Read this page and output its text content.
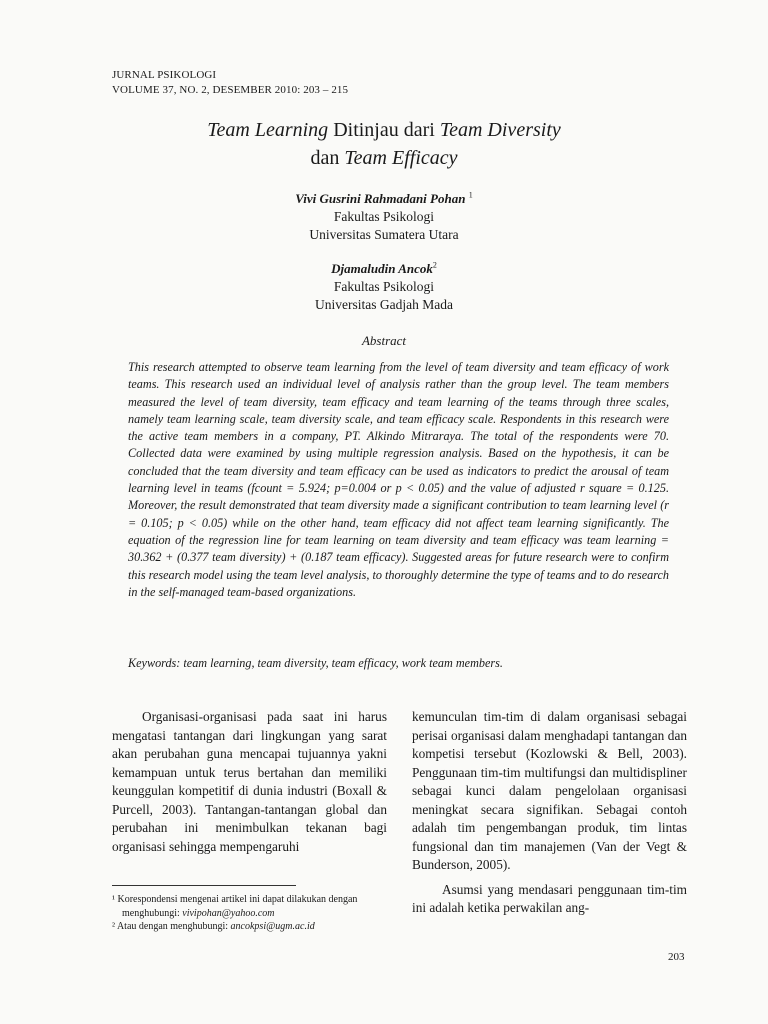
JURNAL PSIKOLOGI
VOLUME 37, NO. 2, DESEMBER 2010: 203 – 215
Team Learning Ditinjau dari Team Diversity
dan Team Efficacy
Vivi Gusrini Rahmadani Pohan $^1$
Fakultas Psikologi
Universitas Sumatera Utara
Djamaludin Ancok$^2$
Fakultas Psikologi
Universitas Gadjah Mada
Abstract

This research attempted to observe team learning from the level of team diversity and team efficacy of work teams. This research used an individual level of analysis rather than the group level. The team members measured the level of team diversity, team efficacy and team learning of the teams through three scales, namely team learning scale, team diversity scale, and team efficacy scale. Respondents in this research were the active team members in a company, PT. Alkindo Mitraraya. The total of the respondents were 70. Collected data were examined by using multiple regression analysis. Based on the hypothesis, it can be concluded that the team diversity and team efficacy can be used as indicators to predict the arousal of team learning level in teams (fcount = 5.924; p=0.004 or p < 0.05) and the value of adjusted r square = 0.125. Moreover, the result demonstrated that team diversity made a significant contribution to team learning level (r = 0.105; p < 0.05) while on the other hand, team efficacy did not affect team learning significantly. The equation of the regression line for team learning on team diversity and team efficacy was team learning = 30.362 + (0.377 team diversity) + (0.187 team efficacy). Suggested areas for future research were to confirm this research model using the team level analysis, to thoroughly determine the type of teams and to do research in the self-managed team-based organizations.

Keywords: team learning, team diversity, team efficacy, work team members.

Organisasi-organisasi pada saat ini harus mengatasi tantangan dari lingkungan yang sarat akan perubahan guna mencapai tujuannya yakni kemampuan untuk terus bertahan dan memiliki keunggulan kompetitif di dunia industri (Boxall & Purcell, 2003). Tantangan-tantangan global dan perubahan ini menimbulkan tekanan bagi organisasi sehingga mempengaruhi

kemunculan tim-tim di dalam organisasi sebagai perisai organisasi dalam menghadapi tantangan dan kompetisi tersebut (Kozlowski & Bell, 2003). Penggunaan tim-tim multifungsi dan multidispliner sebagai kunci dalam pengelolaan organisasi meningkat secara signifikan. Sebagai contoh adalah tim pengembangan produk, tim lintas fungsional dan tim manajemen (Van der Vegt & Bunderson, 2005).

Asumsi yang mendasari penggunaan tim-tim ini adalah ketika perwakilan ang-

¹ Korespondensi mengenai artikel ini dapat dilakukan dengan menghubungi: vivipohan@yahoo.com
² Atau dengan menghubungi: ancokpsi@ugm.ac.id
203
